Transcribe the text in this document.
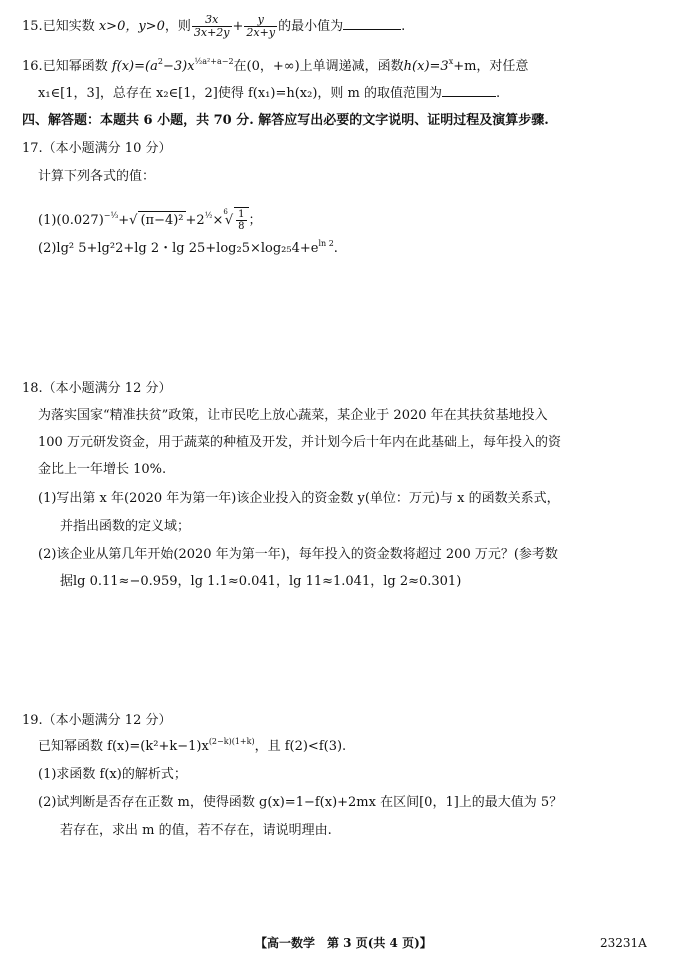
15.已知实数 x>0，y>0，则 $\frac{3x}{3x+2y} + \frac{y}{2x+y}$ 的最小值为	.
16.已知幂函数 $f(x)=(a^2-3)x^{\frac{1}{2}a^2+a-2}$在(0，+∞)上单调递减，函数$h(x)=3^x+m$，对任意
x₁∈[1，3]，总存在 x₂∈[1，2]使得 f(x₁)=h(x₂)，则 m 的取值范围为	.
四、解答题：本题共 6 小题，共 70 分. 解答应写出必要的文字说明、证明过程及演算步骤.
17.（本小题满分 10 分）
计算下列各式的值：
$(1)(0.027)^{-\frac{1}{3}}+√$ $(\pi-4)^2 +2^{\frac{1}{2}}\times^6√ \frac{1}{8}$ ；
(2)lg² 5+lg²2+lg 2・$\lg 25+\log_25\times\log_{25}4+e^{ln 2}$.
18.（本小题满分 12 分）
为落实国家“精准扶贫”政策，让市民吃上放心蔬菜，某企业于 2020 年在其扶贫基地投入
100 万元研发资金，用于蔬菜的种植及开发，并计划今后十年内在此基础上，每年投入的资
金比上一年增长 10%.
(1)写出第 x 年(2020 年为第一年)该企业投入的资金数 y(单位：万元)与 x 的函数关系式，
并指出函数的定义域；
(2)该企业从第几年开始(2020 年为第一年)，每年投入的资金数将超过 200 万元？(参考数
据lg 0.11≈−0.959，lg 1.1≈0.041，lg 11≈1.041，lg 2≈0.301)
19.（本小题满分 12 分）
已知幂函数 $f(x)=(k^2+k-1)x^{(2-k)(1+k)}$，且 f(2)<f(3).
(1)求函数 f(x)的解析式；
(2)试判断是否存在正数 m，使得函数 g(x)=1−f(x)+2mx 在区间[0，1]上的最大值为 5？
若存在，求出 m 的值，若不存在，请说明理由.
【高一数学　第 3 页(共 4 页)】	23231A
